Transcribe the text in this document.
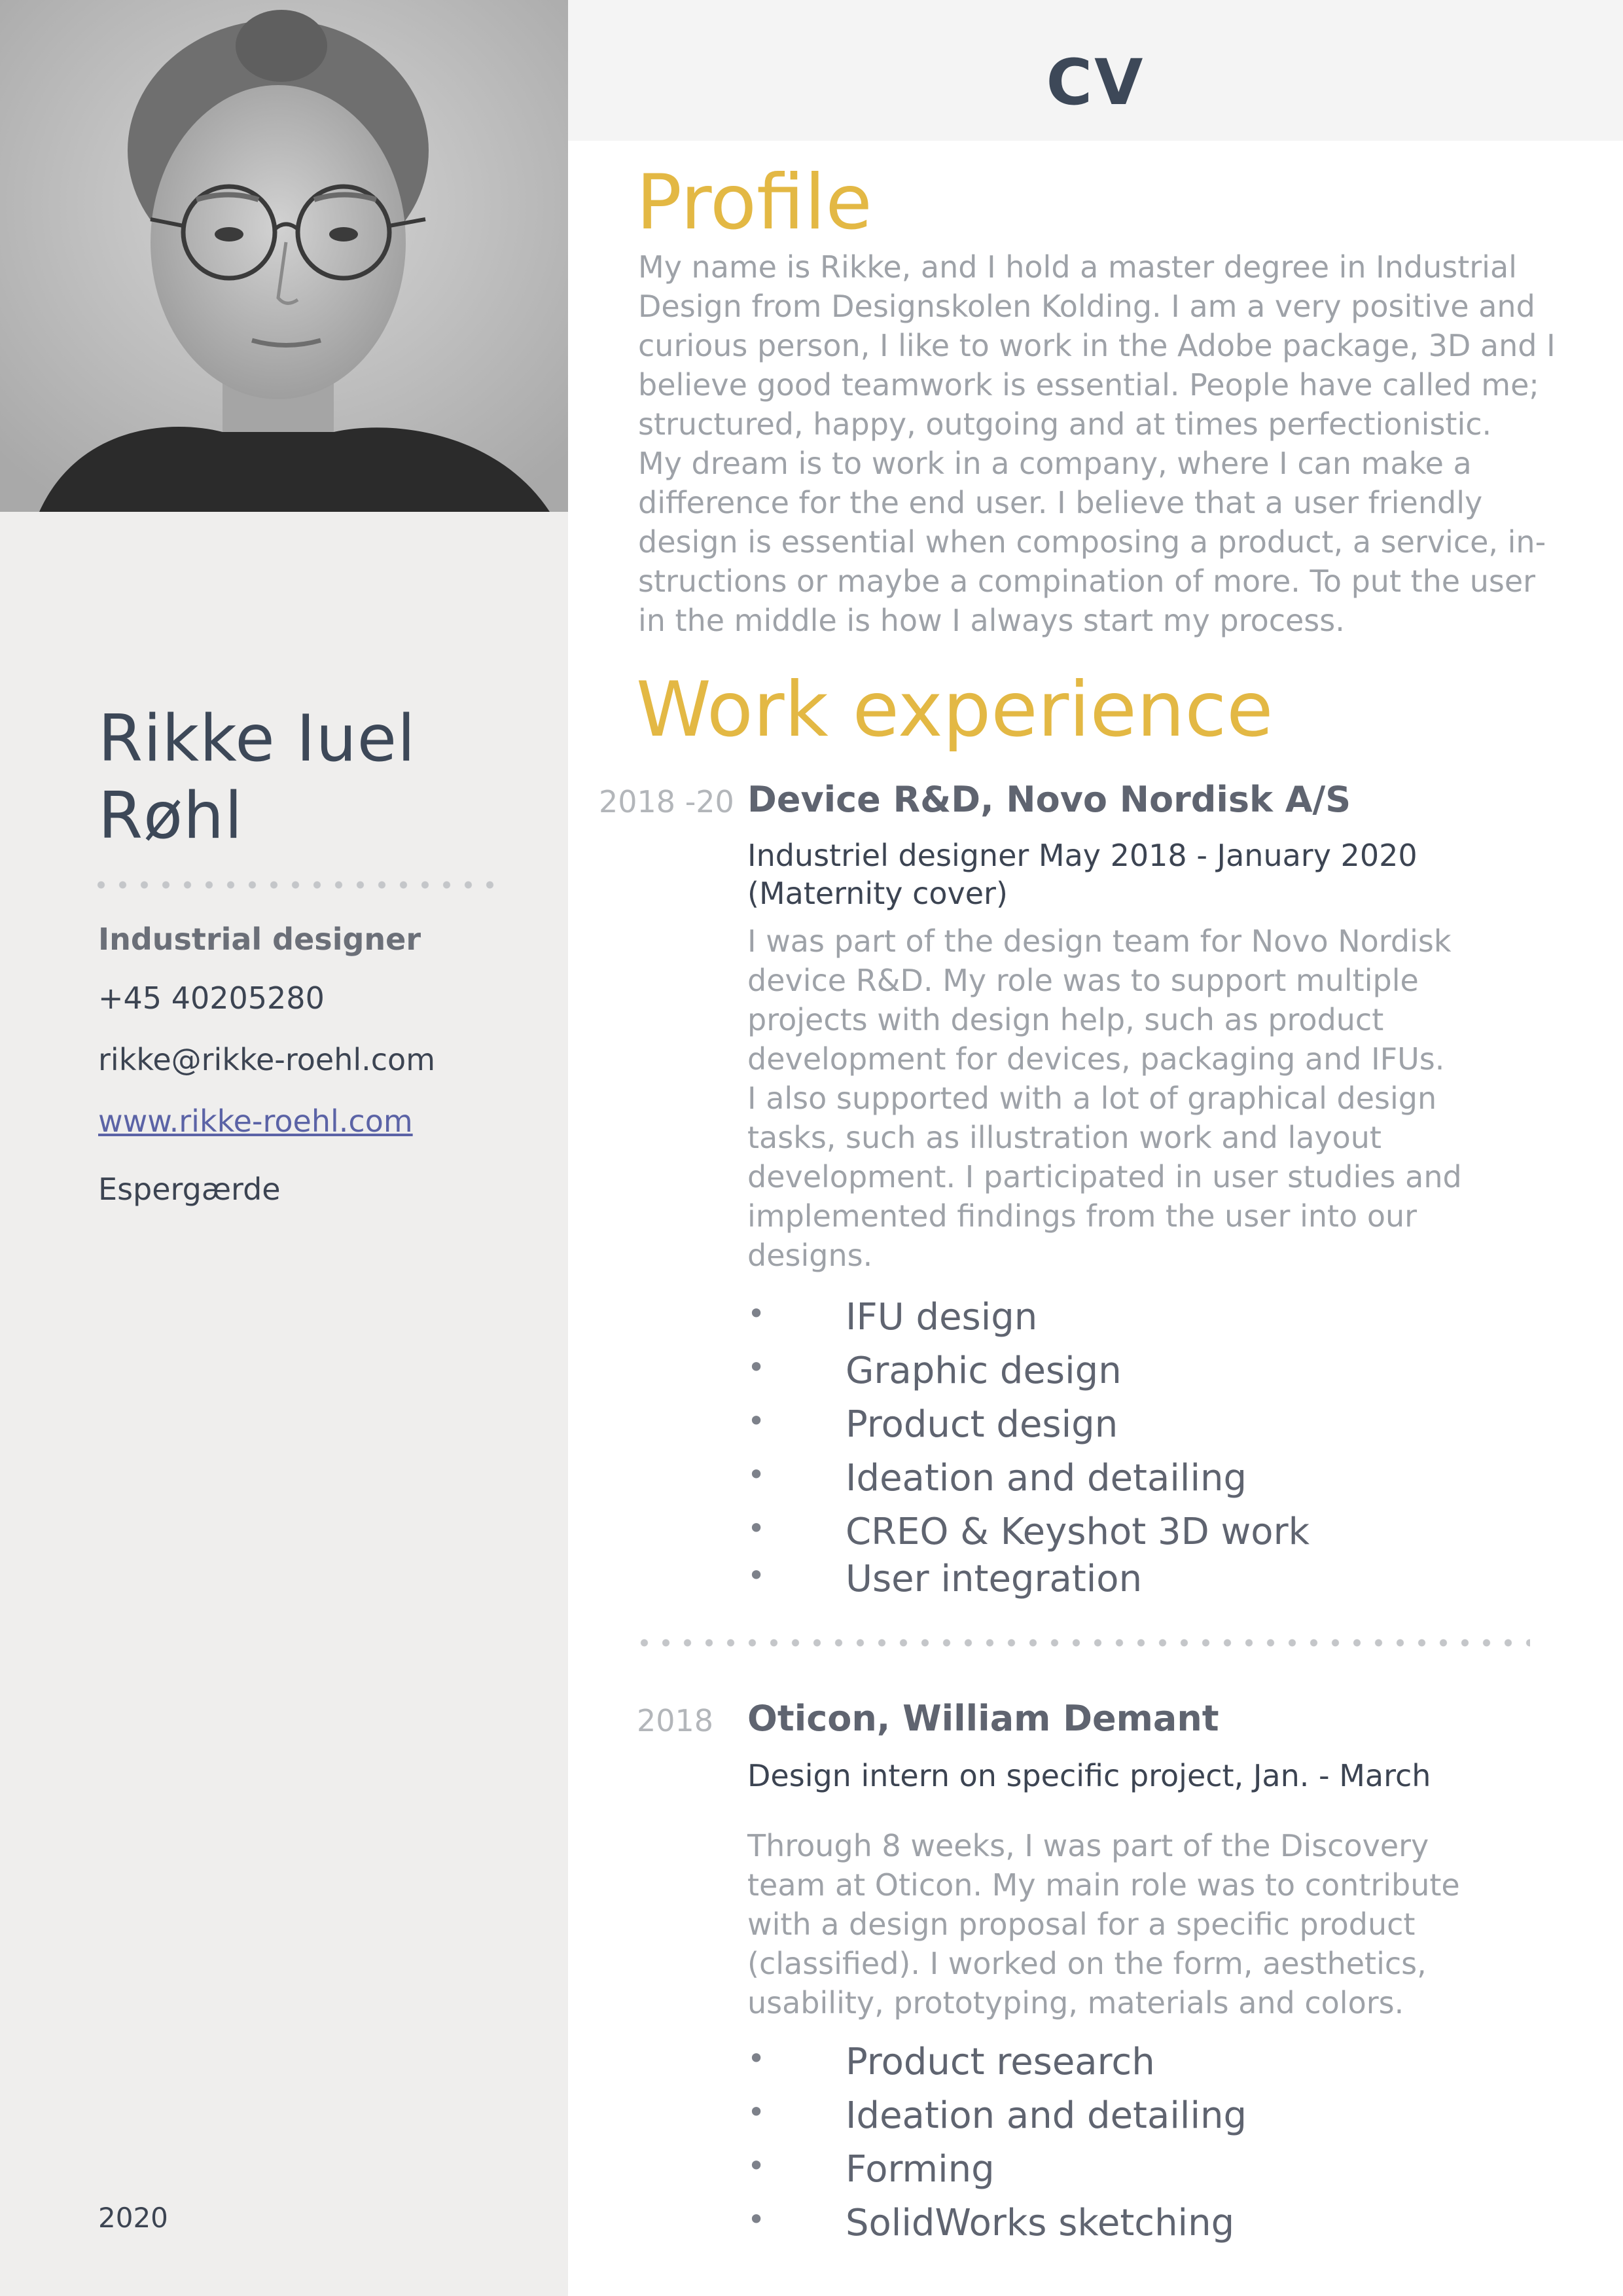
Rikke Iuel
Røhl
Industrial designer
+45 40205280
rikke@rikke-roehl.com
www.rikke-roehl.com
Espergærde
2020
CV
Profile
My name is Rikke, and I hold a master degree in Industrial
Design from Designskolen Kolding. I am a very positive and
curious person, I like to work in the Adobe package, 3D and I
believe good teamwork is essential. People have called me;
structured, happy, outgoing and at times perfectionistic.
My dream is to work in a company, where I can make a
difference for the end user. I believe that a user friendly
design is essential when composing a product, a service, in-
structions or maybe a compination of more. To put the user
in the middle is how I always start my process.
Work experience
2018 -20 Device R&D, Novo Nordisk A/S
Industriel designer May 2018 - January 2020
(Maternity cover)
I was part of the design team for Novo Nordisk
device R&D. My role was to support multiple
projects with design help, such as product
development for devices, packaging and IFUs.
I also supported with a lot of graphical design
tasks, such as illustration work and layout
development. I participated in user studies and
implemented findings from the user into our
designs.
• IFU design
• Graphic design
• Product design
• Ideation and detailing
• CREO & Keyshot 3D work
• User integration
2018 Oticon, William Demant
Design intern on specific project, Jan. - March
Through 8 weeks, I was part of the Discovery
team at Oticon. My main role was to contribute
with a design proposal for a specific product
(classified). I worked on the form, aesthetics,
usability, prototyping, materials and colors.
• Product research
• Ideation and detailing
• Forming
• SolidWorks sketching
